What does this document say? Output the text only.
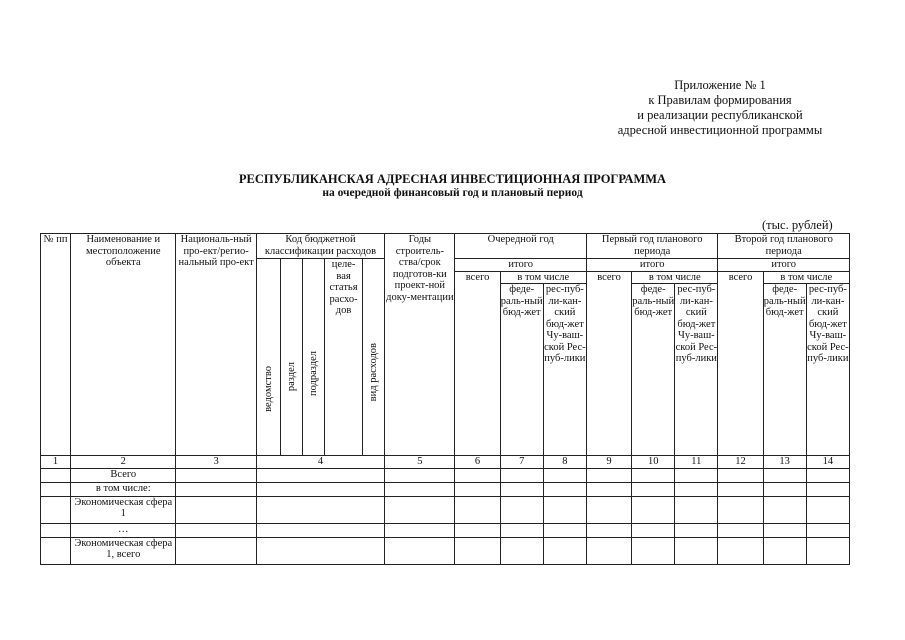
Приложение № 1
к Правилам формирования
и реализации республиканской
адресной инвестиционной программы
РЕСПУБЛИКАНСКАЯ АДРЕСНАЯ ИНВЕСТИЦИОННАЯ ПРОГРАММА
на очередной финансовый год и плановый период
(тыс. рублей)
№ пп	Наименование и местоположение объекта	Националь-ный про-ект/регио-нальный про-ект	Код бюджетной классификации расходов					Годы строитель-ства/срок подготов-ки проект-ной доку-ментации	Очередной год			Первый год планового периода			Второй год планового периода		
			ведомство	раздел	подраздел	целе-вая статья расхо-дов	вид расходов		итого			итого			итого		
									всего	в том числе		всего	в том числе		всего	в том числе	
										феде-раль-ный бюд-жет	рес-пуб-ли-кан-ский бюд-жет Чу-ваш-ской Рес-пуб-лики		феде-раль-ный бюд-жет	рес-пуб-ли-кан-ский бюд-жет Чу-ваш-ской Рес-пуб-лики		феде-раль-ный бюд-жет	рес-пуб-ли-кан-ский бюд-жет Чу-ваш-ской Рес-пуб-лики
1	2	3	4					5	6	7	8	9	10	11	12	13	14
	Всего																
	в том числе:																
	Экономическая сфера 1																
	…																
	Экономическая сфера 1, всего																
